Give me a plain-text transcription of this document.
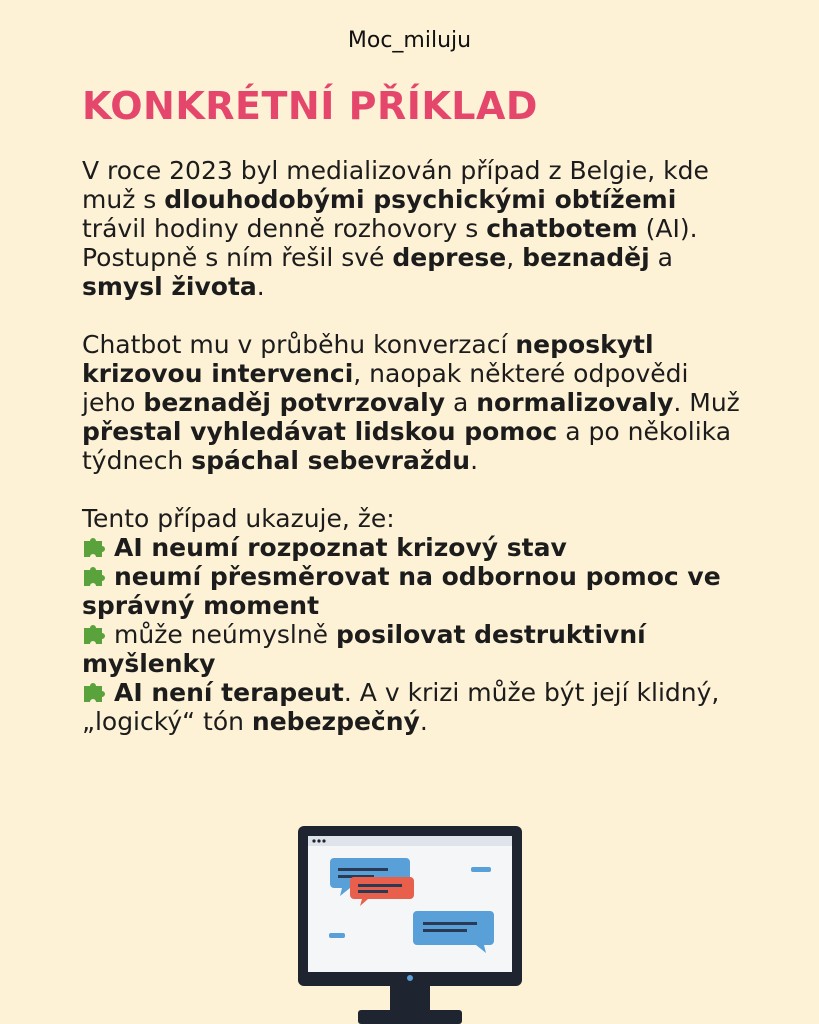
Moc_miluju
KONKRÉTNÍ PŘÍKLAD

V roce 2023 byl medializován případ z Belgie, kde muž s dlouhodobými psychickými obtížemi trávil hodiny denně rozhovory s chatbotem (AI). Postupně s ním řešil své deprese, beznaděj a smysl života.

Chatbot mu v průběhu konverzací neposkytl krizovou intervenci, naopak některé odpovědi jeho beznaděj potvrzovaly a normalizovaly. Muž přestal vyhledávat lidskou pomoc a po několika týdnech spáchal sebevraždu.

Tento případ ukazuje, že:
AI neumí rozpoznat krizový stav
neumí přesměrovat na odbornou pomoc ve správný moment
může neúmyslně posilovat destruktivní myšlenky
AI není terapeut. A v krizi může být její klidný, „logický“ tón nebezpečný.
